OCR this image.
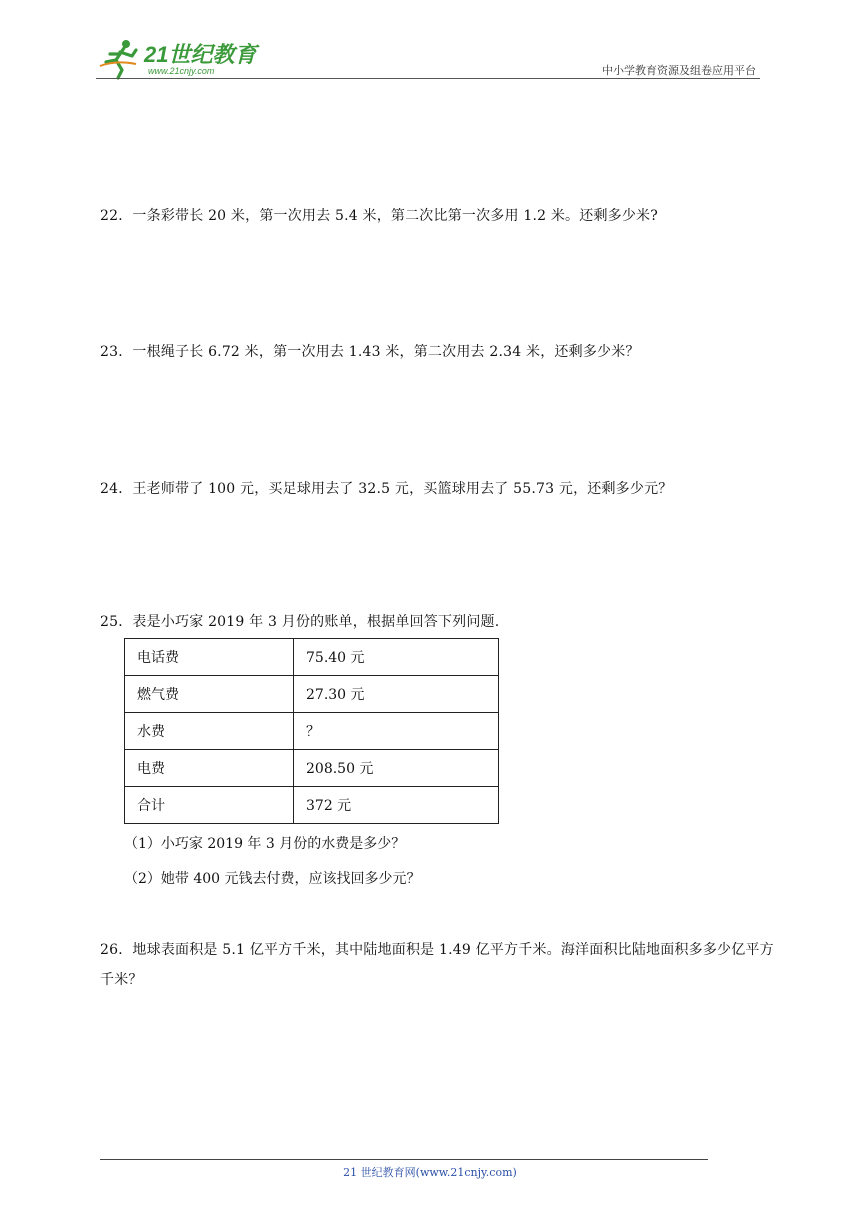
21世纪教育
www.21cnjy.com	中小学教育资源及组卷应用平台
22．一条彩带长 20 米，第一次用去 5.4 米，第二次比第一次多用 1.2 米。还剩多少米?
23．一根绳子长 6.72 米，第一次用去 1.43 米，第二次用去 2.34 米，还剩多少米？
24．王老师带了 100 元，买足球用去了 32.5 元，买篮球用去了 55.73 元，还剩多少元？
25．表是小巧家 2019 年 3 月份的账单，根据单回答下列问题.
电话费	75.40 元
燃气费	27.30 元
水费	？
电费	208.50 元
合计	372 元
（1）小巧家 2019 年 3 月份的水费是多少？
（2）她带 400 元钱去付费，应该找回多少元？
26．地球表面积是 5.1 亿平方千米，其中陆地面积是 1.49 亿平方千米。海洋面积比陆地面积多多少亿平方千米？
21 世纪教育网(www.21cnjy.com)
